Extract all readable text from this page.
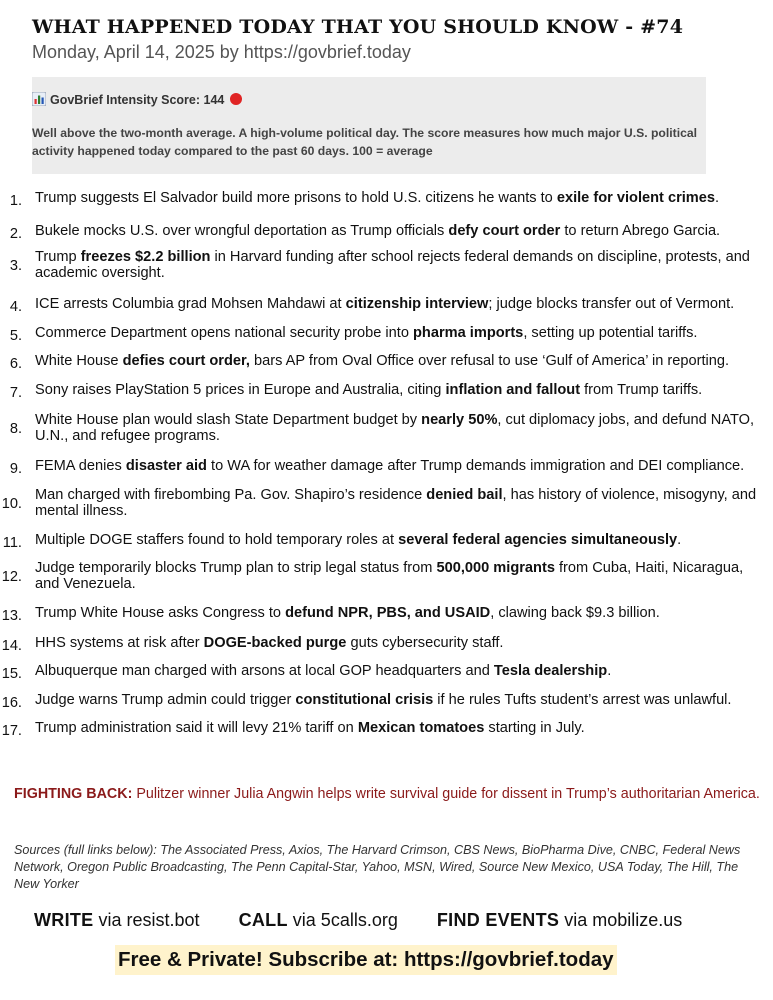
WHAT HAPPENED TODAY THAT YOU SHOULD KNOW - #74
Monday, April 14, 2025 by https://govbrief.today
GovBrief Intensity Score: 144
Well above the two-month average. A high-volume political day. The score measures how much major U.S. political activity happened today compared to the past 60 days. 100 = average
1. Trump suggests El Salvador build more prisons to hold U.S. citizens he wants to exile for violent crimes.
2. Bukele mocks U.S. over wrongful deportation as Trump officials defy court order to return Abrego Garcia.
3.
Trump freezes $2.2 billion in Harvard funding after school rejects federal demands on discipline, protests, and academic oversight.
4. ICE arrests Columbia grad Mohsen Mahdawi at citizenship interview; judge blocks transfer out of Vermont.
5. Commerce Department opens national security probe into pharma imports, setting up potential tariffs.
6. White House defies court order, bars AP from Oval Office over refusal to use ‘Gulf of America’ in reporting.
7. Sony raises PlayStation 5 prices in Europe and Australia, citing inflation and fallout from Trump tariffs.
8.
White House plan would slash State Department budget by nearly 50%, cut diplomacy jobs, and defund NATO, U.N., and refugee programs.
9. FEMA denies disaster aid to WA for weather damage after Trump demands immigration and DEI compliance.
10.
Man charged with firebombing Pa. Gov. Shapiro’s residence denied bail, has history of violence, misogyny, and mental illness.
11. Multiple DOGE staffers found to hold temporary roles at several federal agencies simultaneously.
12.
Judge temporarily blocks Trump plan to strip legal status from 500,000 migrants from Cuba, Haiti, Nicaragua, and Venezuela.
13. Trump White House asks Congress to defund NPR, PBS, and USAID, clawing back $9.3 billion.
14. HHS systems at risk after DOGE-backed purge guts cybersecurity staff.
15. Albuquerque man charged with arsons at local GOP headquarters and Tesla dealership.
16. Judge warns Trump admin could trigger constitutional crisis if he rules Tufts student’s arrest was unlawful.
17. Trump administration said it will levy 21% tariff on Mexican tomatoes starting in July.
FIGHTING BACK: Pulitzer winner Julia Angwin helps write survival guide for dissent in Trump’s authoritarian America.
Sources (full links below): The Associated Press, Axios, The Harvard Crimson, CBS News, BioPharma Dive, CNBC, Federal News Network, Oregon Public Broadcasting, The Penn Capital-Star, Yahoo, MSN, Wired, Source New Mexico, USA Today, The Hill, The New Yorker
WRITE via resist.bot CALL via 5calls.org FIND EVENTS via mobilize.us
Free & Private! Subscribe at: https://govbrief.today
